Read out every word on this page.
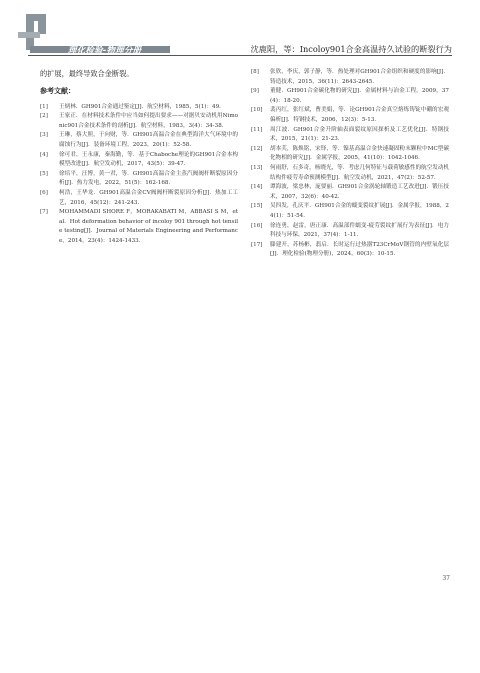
理化检验-物理分册	沈鹿阳，等：Incoloy901合金高温持久试验的断裂行为
的扩展，最终导致合金断裂。
参考文献：
[1]	王炳林．GH901合金通过鉴定[J]．航空材料，1985，5(1)：49．
[2]	王家正．在材料技术条件中应当如何提出要求——对据贝安动机用Nimonic901合金技术条件的剖析[J]．航空材料，1983，3(4)：34-38．
[3]	王琳，蔡大照，于向财，等．GH901高温合金在典型海洋大气环境中的腐蚀行为[J]．装备环境工程，2023，20(1)：52-58．
[4]	徐可君，王永康，秦海勤，等．基于Chaboche理论的GH901合金本构模型改进[J]．航空发动机，2017，43(5)：39-47．
[5]	徐培平，汪博，黄一君，等．GH901高温合金主蒸汽阀阀杆断裂原因分析[J]．热力发电，2022，51(5)：162-168．
[6]	柯浩，王华龙．GH901高温合金CV阀阀杆断裂原因分析[J]．热加工工艺，2016，45(12)：241-243．
[7]	MOHAMMADI SHORE F，MORAKABATI M，ABBASI S M，et al．Hot deformation behavior of incoloy 901 through hot tensile testing[J]．Journal of Materials Engineering and Performance，2014，23(4)：1424-1433．
[8]	张欣，李庆，郭子静，等．热处理对GH901合金组织和硬度的影响[J]．铸造技术，2015，36(11)：2643-2645．
[9]	董健．GH901合金碳化物的研究[J]．金属材料与冶金工程，2009，37(4)：18-20．
[10]	裴丙红，张红斌，曹美娟，等．论GH901合金真空熔炼铸锭中硼的宏观偏析[J]．特钢技术，2006，12(3)：5-13．
[11]	周江波．GH901合金升阶轴表面裂纹原因探析及工艺优化[J]．特钢技术，2015，21(1)：21-23．
[12]	胡本芙，陈焕铭，宋铎，等．镍基高温合金快速凝固粉末颗粒中MC型碳化物相的研究[J]．金属学报，2005，41(10)：1042-1046．
[13]	何雨舒，石多奇，杨晓光，等．考虑几何特征与载荷敏感性的航空发动机结构件疲劳寿命预测模型[J]．航空发动机，2021，47(2)：52-57．
[14]	谭海波，梁忠林，庞要丽．GH901合金涡轮轴锻造工艺改进[J]．锻压技术，2007，32(6)：40-42．
[15]	吴四发，孔庆平．GH901合金的蠕变裂纹扩展[J]．金属学报，1988，24(1)：51-54．
[16]	徐连勇，赵雷，唐正康．高温部件蠕变-疲劳裂纹扩展行为表征[J]．电力科技与环保，2021，37(4)：1-11．
[17]	滕建开，苏杨彬，翡启．长时运行过热器T23CrMoV钢管的内壁氧化层[J]．理化检验(物理分册)，2024，60(3)：10-15．
37
